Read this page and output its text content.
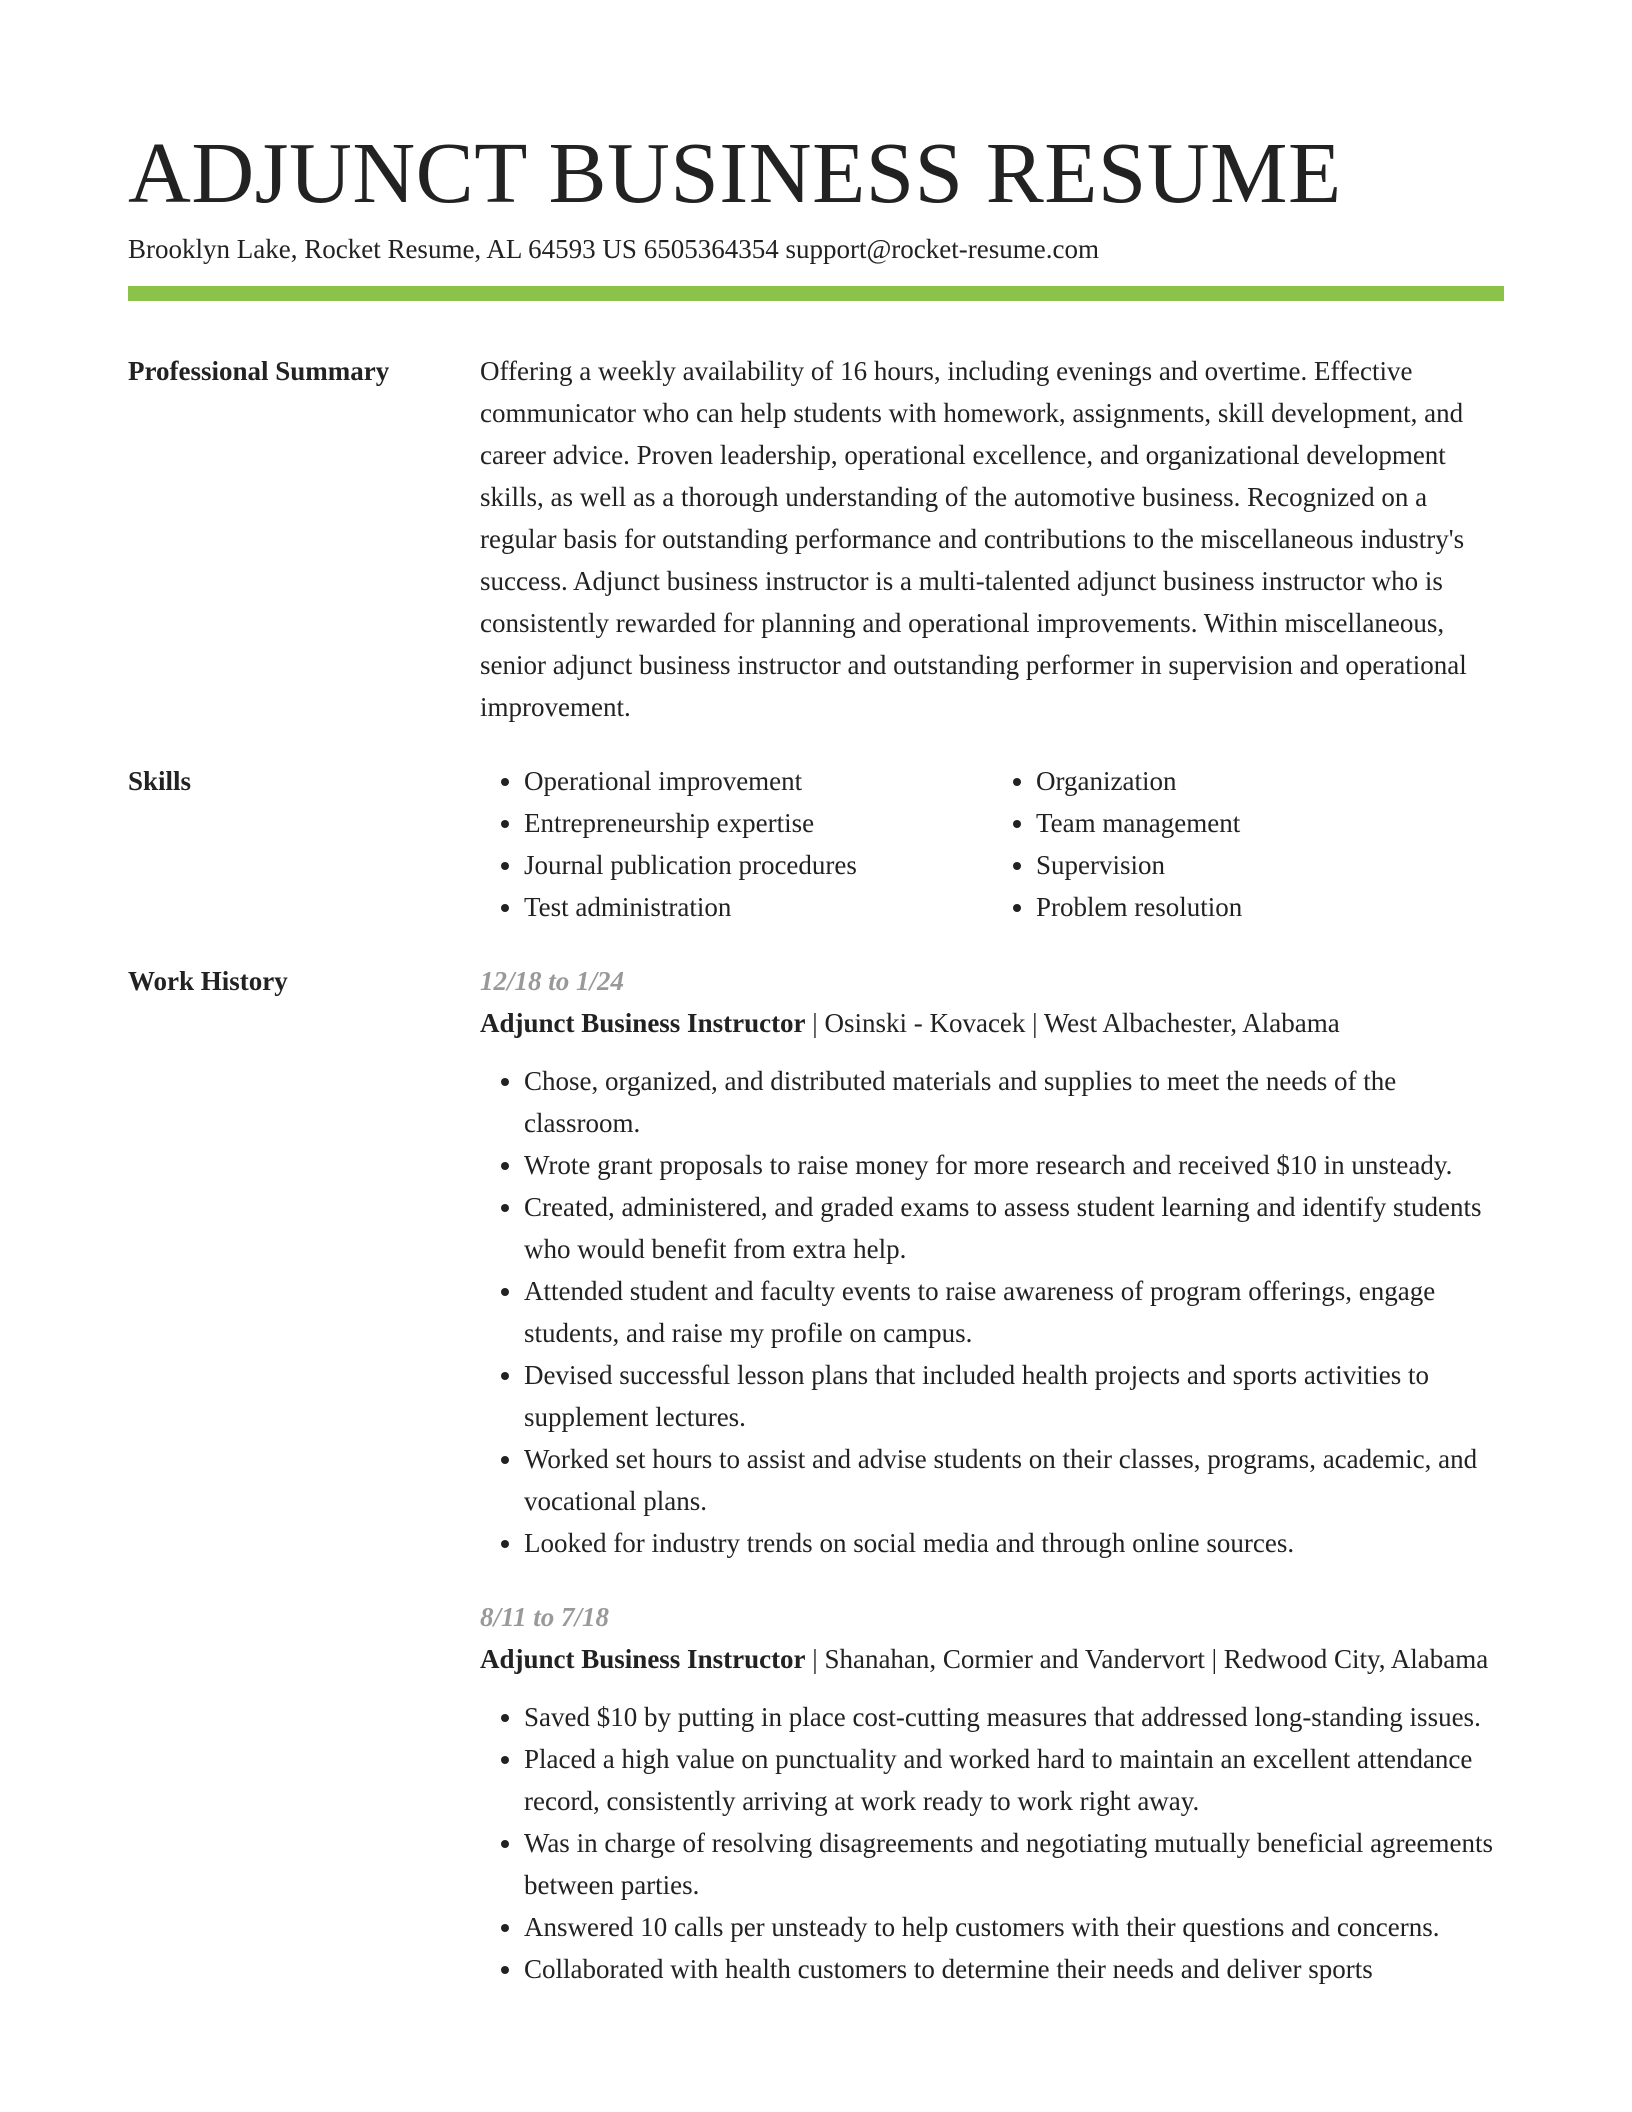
ADJUNCT BUSINESS RESUME
Brooklyn Lake, Rocket Resume, AL 64593 US 6505364354 support@rocket-resume.com
Professional Summary	Offering a weekly availability of 16 hours, including evenings and overtime. Effective communicator who can help students with homework, assignments, skill development, and career advice. Proven leadership, operational excellence, and organizational development skills, as well as a thorough understanding of the automotive business. Recognized on a regular basis for outstanding performance and contributions to the miscellaneous industry's success. Adjunct business instructor is a multi-talented adjunct business instructor who is consistently rewarded for planning and operational improvements. Within miscellaneous, senior adjunct business instructor and outstanding performer in supervision and operational improvement.

Skills
•	Operational improvement
• Entrepreneurship expertise
• Journal publication procedures
• Test administration
• Organization
• Team management
• Supervision
• Problem resolution
Work History	12/18 to 1/24

Adjunct Business Instructor | Osinski - Kovacek | West Albachester, Alabama

• Chose, organized, and distributed materials and supplies to meet the needs of the classroom.
• Wrote grant proposals to raise money for more research and received $10 in unsteady.
• Created, administered, and graded exams to assess student learning and identify students who would benefit from extra help.
• Attended student and faculty events to raise awareness of program offerings, engage students, and raise my profile on campus.
• Devised successful lesson plans that included health projects and sports activities to supplement lectures.
• Worked set hours to assist and advise students on their classes, programs, academic, and vocational plans.
• Looked for industry trends on social media and through online sources.

8/11 to 7/18

Adjunct Business Instructor | Shanahan, Cormier and Vandervort | Redwood City, Alabama

• Saved $10 by putting in place cost-cutting measures that addressed long-standing issues.
• Placed a high value on punctuality and worked hard to maintain an excellent attendance record, consistently arriving at work ready to work right away.
• Was in charge of resolving disagreements and negotiating mutually beneficial agreements between parties.
• Answered 10 calls per unsteady to help customers with their questions and concerns.
• Collaborated with health customers to determine their needs and deliver sports
